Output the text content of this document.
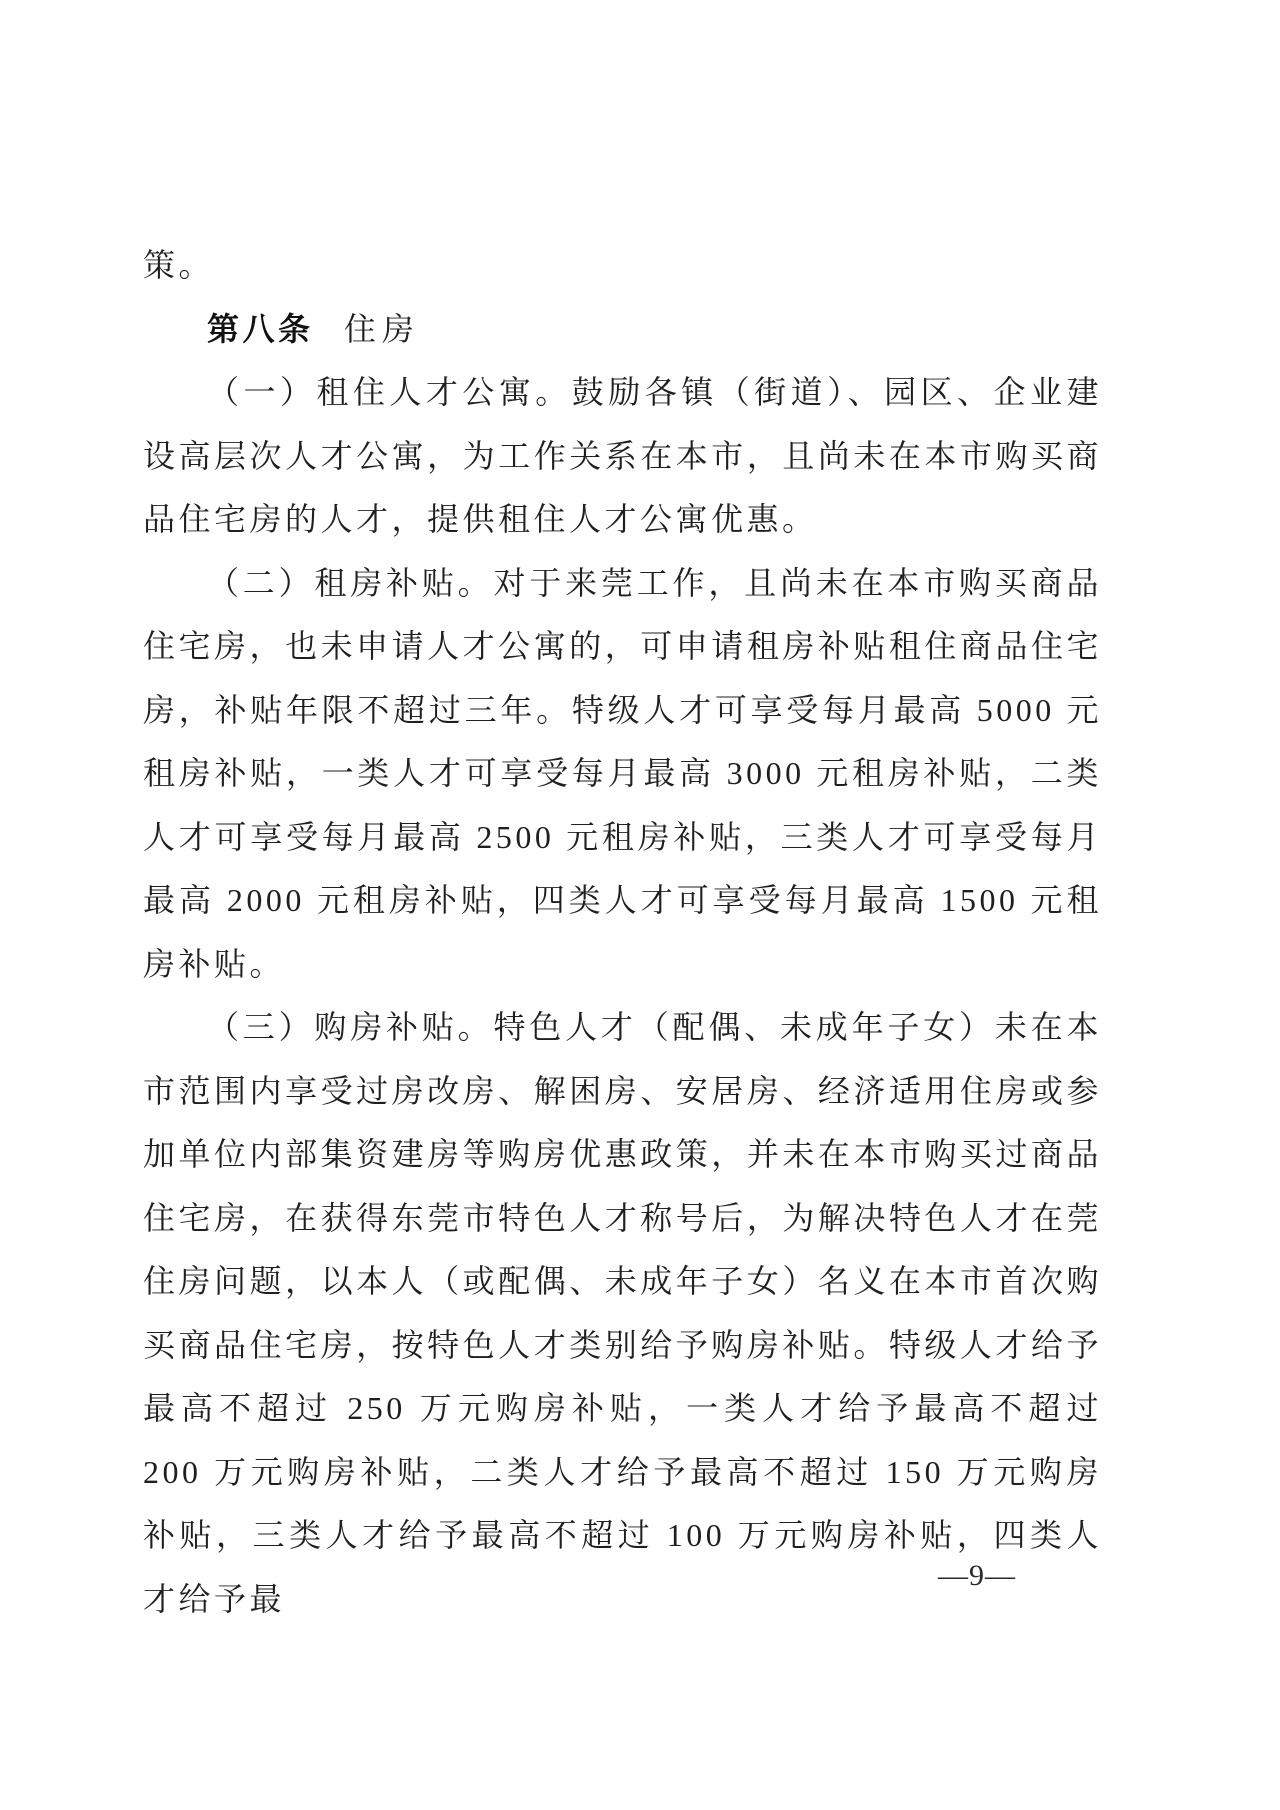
策。

第八条 住房

（一）租住人才公寓。鼓励各镇（街道）、园区、企业建设高层次人才公寓，为工作关系在本市，且尚未在本市购买商品住宅房的人才，提供租住人才公寓优惠。

（二）租房补贴。对于来莞工作，且尚未在本市购买商品住宅房，也未申请人才公寓的，可申请租房补贴租住商品住宅房，补贴年限不超过三年。特级人才可享受每月最高 5000 元租房补贴，一类人才可享受每月最高 3000 元租房补贴，二类人才可享受每月最高 2500 元租房补贴，三类人才可享受每月最高 2000 元租房补贴，四类人才可享受每月最高 1500 元租房补贴。

（三）购房补贴。特色人才（配偶、未成年子女）未在本市范围内享受过房改房、解困房、安居房、经济适用住房或参加单位内部集资建房等购房优惠政策，并未在本市购买过商品住宅房，在获得东莞市特色人才称号后，为解决特色人才在莞住房问题，以本人（或配偶、未成年子女）名义在本市首次购买商品住宅房，按特色人才类别给予购房补贴。特级人才给予最高不超过 250 万元购房补贴，一类人才给予最高不超过 200 万元购房补贴，二类人才给予最高不超过 150 万元购房补贴，三类人才给予最高不超过 100 万元购房补贴，四类人才给予最

—9—
